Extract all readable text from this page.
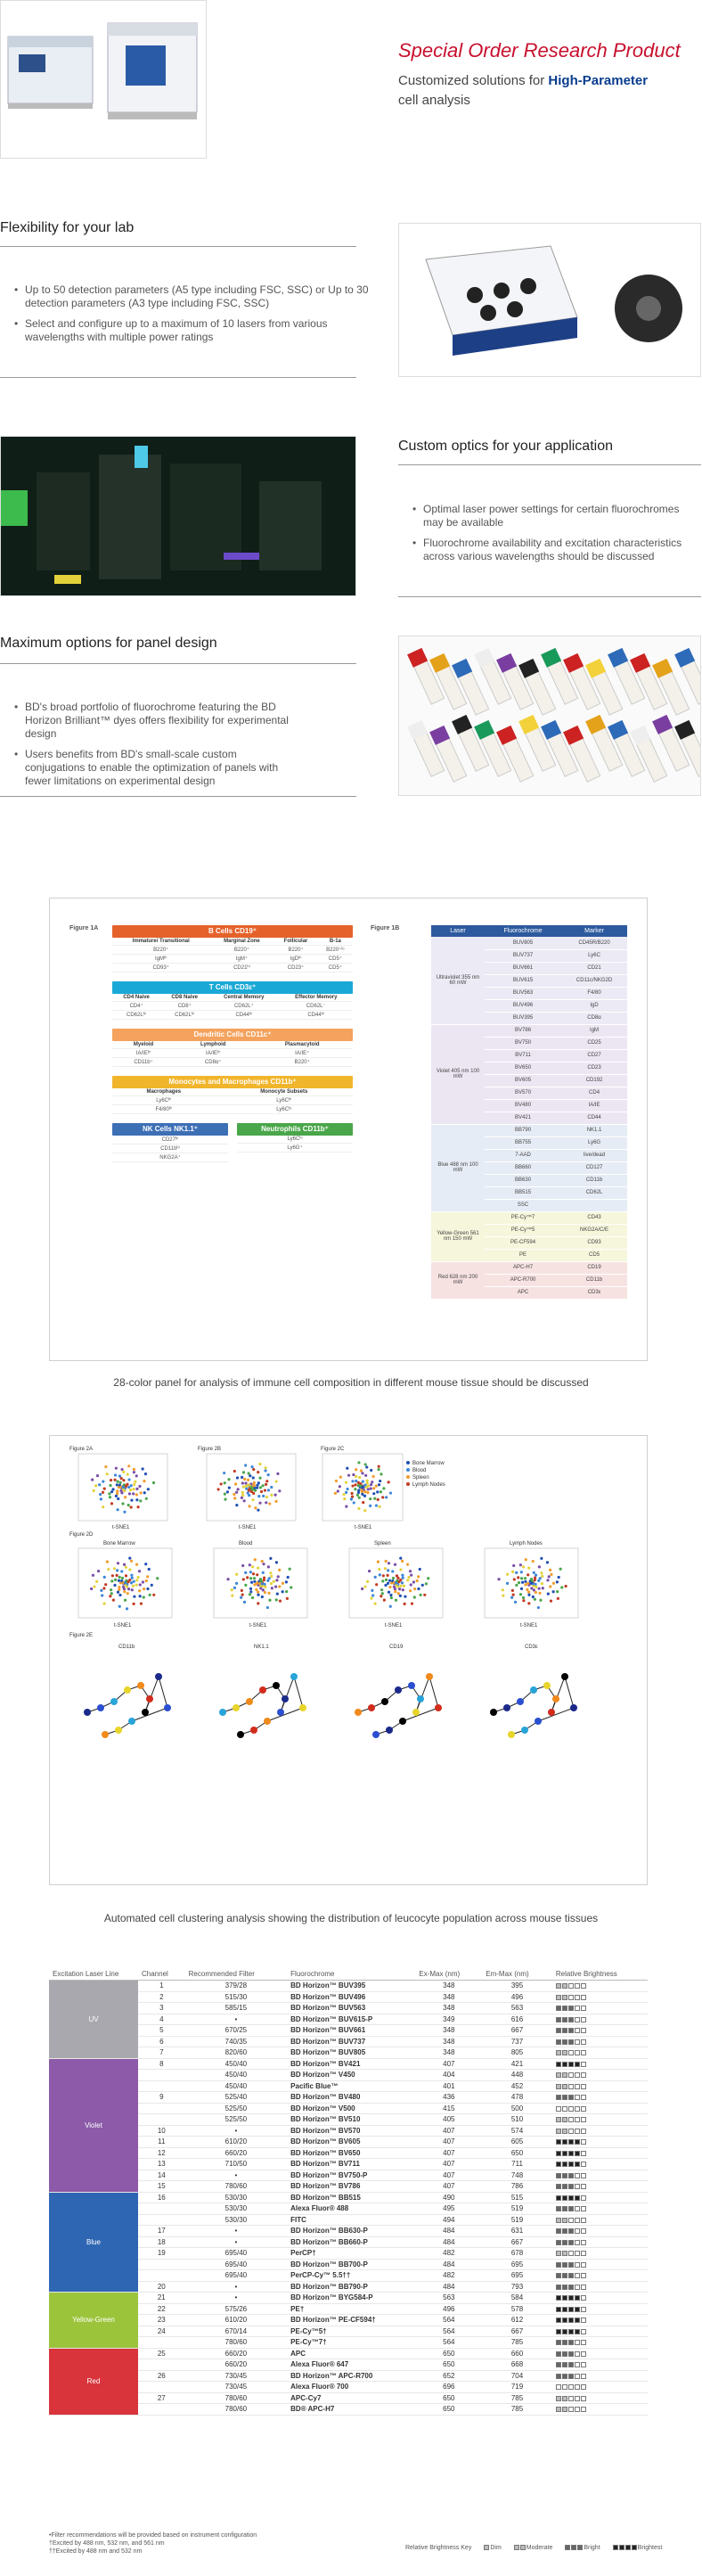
Special Order Research Product
Customized solutions for High-Parameter
cell analysis
Flexibility for your lab
• Up to 50 detection parameters (A5 type including FSC, SSC) or Up to 30 detection parameters (A3 type including FSC, SSC)
• Select and configure up to a maximum of 10 lasers from various wavelengths with multiple power ratings
Custom optics for your application
• Optimal laser power settings for certain fluorochromes may be available
• Fluorochrome availability and excitation characteristics across various wavelengths should be discussed
Maximum options for panel design
• BD's broad portfolio of fluorochrome featuring the BD Horizon Brilliant™ dyes offers flexibility for experimental design
• Users benefits from BD's small-scale custom conjugations to enable the optimization of panels with fewer limitations on experimental design
Figure 1A	Figure 1B
B Cells CD19⁺
Immature/ Transitional	Marginal Zone	Follicular	B-1a
B220⁺	B220⁺	B220⁺	B220⁺ˡᵒ
IgMʰⁱ	IgM⁺	IgDʰⁱ	CD5⁺
CD93⁺	CD21ʰⁱ	CD23⁺	CD5⁺
T Cells CD3ε⁺
CD4 Naive	CD8 Naive	Central Memory	Effector Memory
CD4⁺	CD8⁺	CD62L⁺	CD62L⁻
CD62Lʰⁱ	CD62Lʰⁱ	CD44ʰⁱ	CD44ʰⁱ
Dendritic Cells CD11c⁺
Myeloid	Lymphoid	Plasmacytoid
IA/IEʰⁱ	IA/IEʰⁱ	IA/IE⁺
CD11b⁺	CD8α⁺	B220⁺
Monocytes and Macrophages CD11b⁺
Macrophages	Monocyte Subsets
Ly6Cʰⁱ	Ly6Cʰⁱ
F4/80ʰⁱ	Ly6Cˡᵒ
NK Cells NK1.1⁺
CD27ʰⁱ
CD11bʰⁱ
NKG2A⁺
Neutrophils CD11b⁺
Ly6Cˡᵒ
Ly6G⁺
Laser	Fluorochrome	Marker
Ultraviolet 355 nm 60 mW	BUV805	CD45R/B220
	BUV737	Ly6C
	BUV661	CD21
	BUV615	CD11c/NKG2D
	BUV563	F4/80
	BUV496	IgD
	BUV395	CD8α
Violet 405 nm 100 mW	BV786	IgM
	BV750	CD25
	BV711	CD27
	BV650	CD23
	BV605	CD192
	BV570	CD4
	BV480	IA/IE
	BV421	CD44
Blue 488 nm 100 mW	BB790	NK1.1
	BB755	Ly6G
	7-AAD	live/dead
	BB660	CD127
	BB630	CD11b
	BB515	CD62L
	SSC	
Yellow-Green 561 nm 150 mW	PE-Cy™7	CD43
	PE-Cy™5	NKG2A/C/E
	PE-CF594	CD93
	PE	CD5
Red 628 nm 200 mW	APC-H7	CD19
	APC-R700	CD11b
	APC	CD3ε
28-color panel for analysis of immune cell composition in different mouse tissue should be discussed
Figure 2A	Figure 2B	Figure 2C
Figure 2D
Figure 2E
Bone Marrow
Blood
Spleen
Lymph Nodes
t-SNE1	t-SNE1	t-SNE1
Bone Marrow
t-SNE1
Blood
t-SNE1
Spleen
t-SNE1
Lymph Nodes
t-SNE1
CD11b	NK1.1	CD19	CD3ε
Automated cell clustering analysis showing the distribution of leucocyte population across mouse tissues
Excitation Laser Line	Channel	Recommended Filter	Fluorochrome	Ex-Max (nm)	Em-Max (nm)	Relative Brightness
UV	1	379/28	BD Horizon™ BUV395	348	395	
	2	515/30	BD Horizon™ BUV496	348	496	
	3	585/15	BD Horizon™ BUV563	348	563	
	4	•	BD Horizon™ BUV615-P	349	616	
	5	670/25	BD Horizon™ BUV661	348	667	
	6	740/35	BD Horizon™ BUV737	348	737	
	7	820/60	BD Horizon™ BUV805	348	805	
Violet	8	450/40	BD Horizon™ BV421	407	421	
		450/40	BD Horizon™ V450	404	448	
		450/40	Pacific Blue™	401	452	
	9	525/40	BD Horizon™ BV480	436	478	
		525/50	BD Horizon™ V500	415	500	
		525/50	BD Horizon™ BV510	405	510	
	10	•	BD Horizon™ BV570	407	574	
	11	610/20	BD Horizon™ BV605	407	605	
	12	660/20	BD Horizon™ BV650	407	650	
	13	710/50	BD Horizon™ BV711	407	711	
	14	•	BD Horizon™ BV750-P	407	748	
	15	780/60	BD Horizon™ BV786	407	786	
Blue	16	530/30	BD Horizon™ BB515	490	515	
		530/30	Alexa Fluor® 488	495	519	
		530/30	FITC	494	519	
	17	•	BD Horizon™ BB630-P	484	631	
	18	•	BD Horizon™ BB660-P	484	667	
	19	695/40	PerCP†	482	678	
		695/40	BD Horizon™ BB700-P	484	695	
		695/40	PerCP-Cy™ 5.5††	482	695	
	20	•	BD Horizon™ BB790-P	484	793	
Yellow-Green	21	•	BD Horizon™ BYG584-P	563	584	
	22	575/26	PE†	496	578	
	23	610/20	BD Horizon™ PE-CF594†	564	612	
	24	670/14	PE-Cy™5†	564	667	
		780/60	PE-Cy™7†	564	785	
Red	25	660/20	APC	650	660	
		660/20	Alexa Fluor® 647	650	668	
	26	730/45	BD Horizon™ APC-R700	652	704	
		730/45	Alexa Fluor® 700	696	719	
	27	780/60	APC-Cy7	650	785	
		780/60	BD® APC-H7	650	785	
•Filter recommendations will be provided based on instrument configuration
†Excited by 488 nm, 532 nm, and 561 nm
††Excited by 488 nm and 532 nm
Relative Brightness Key	Dim	Moderate	Bright	Brightest
